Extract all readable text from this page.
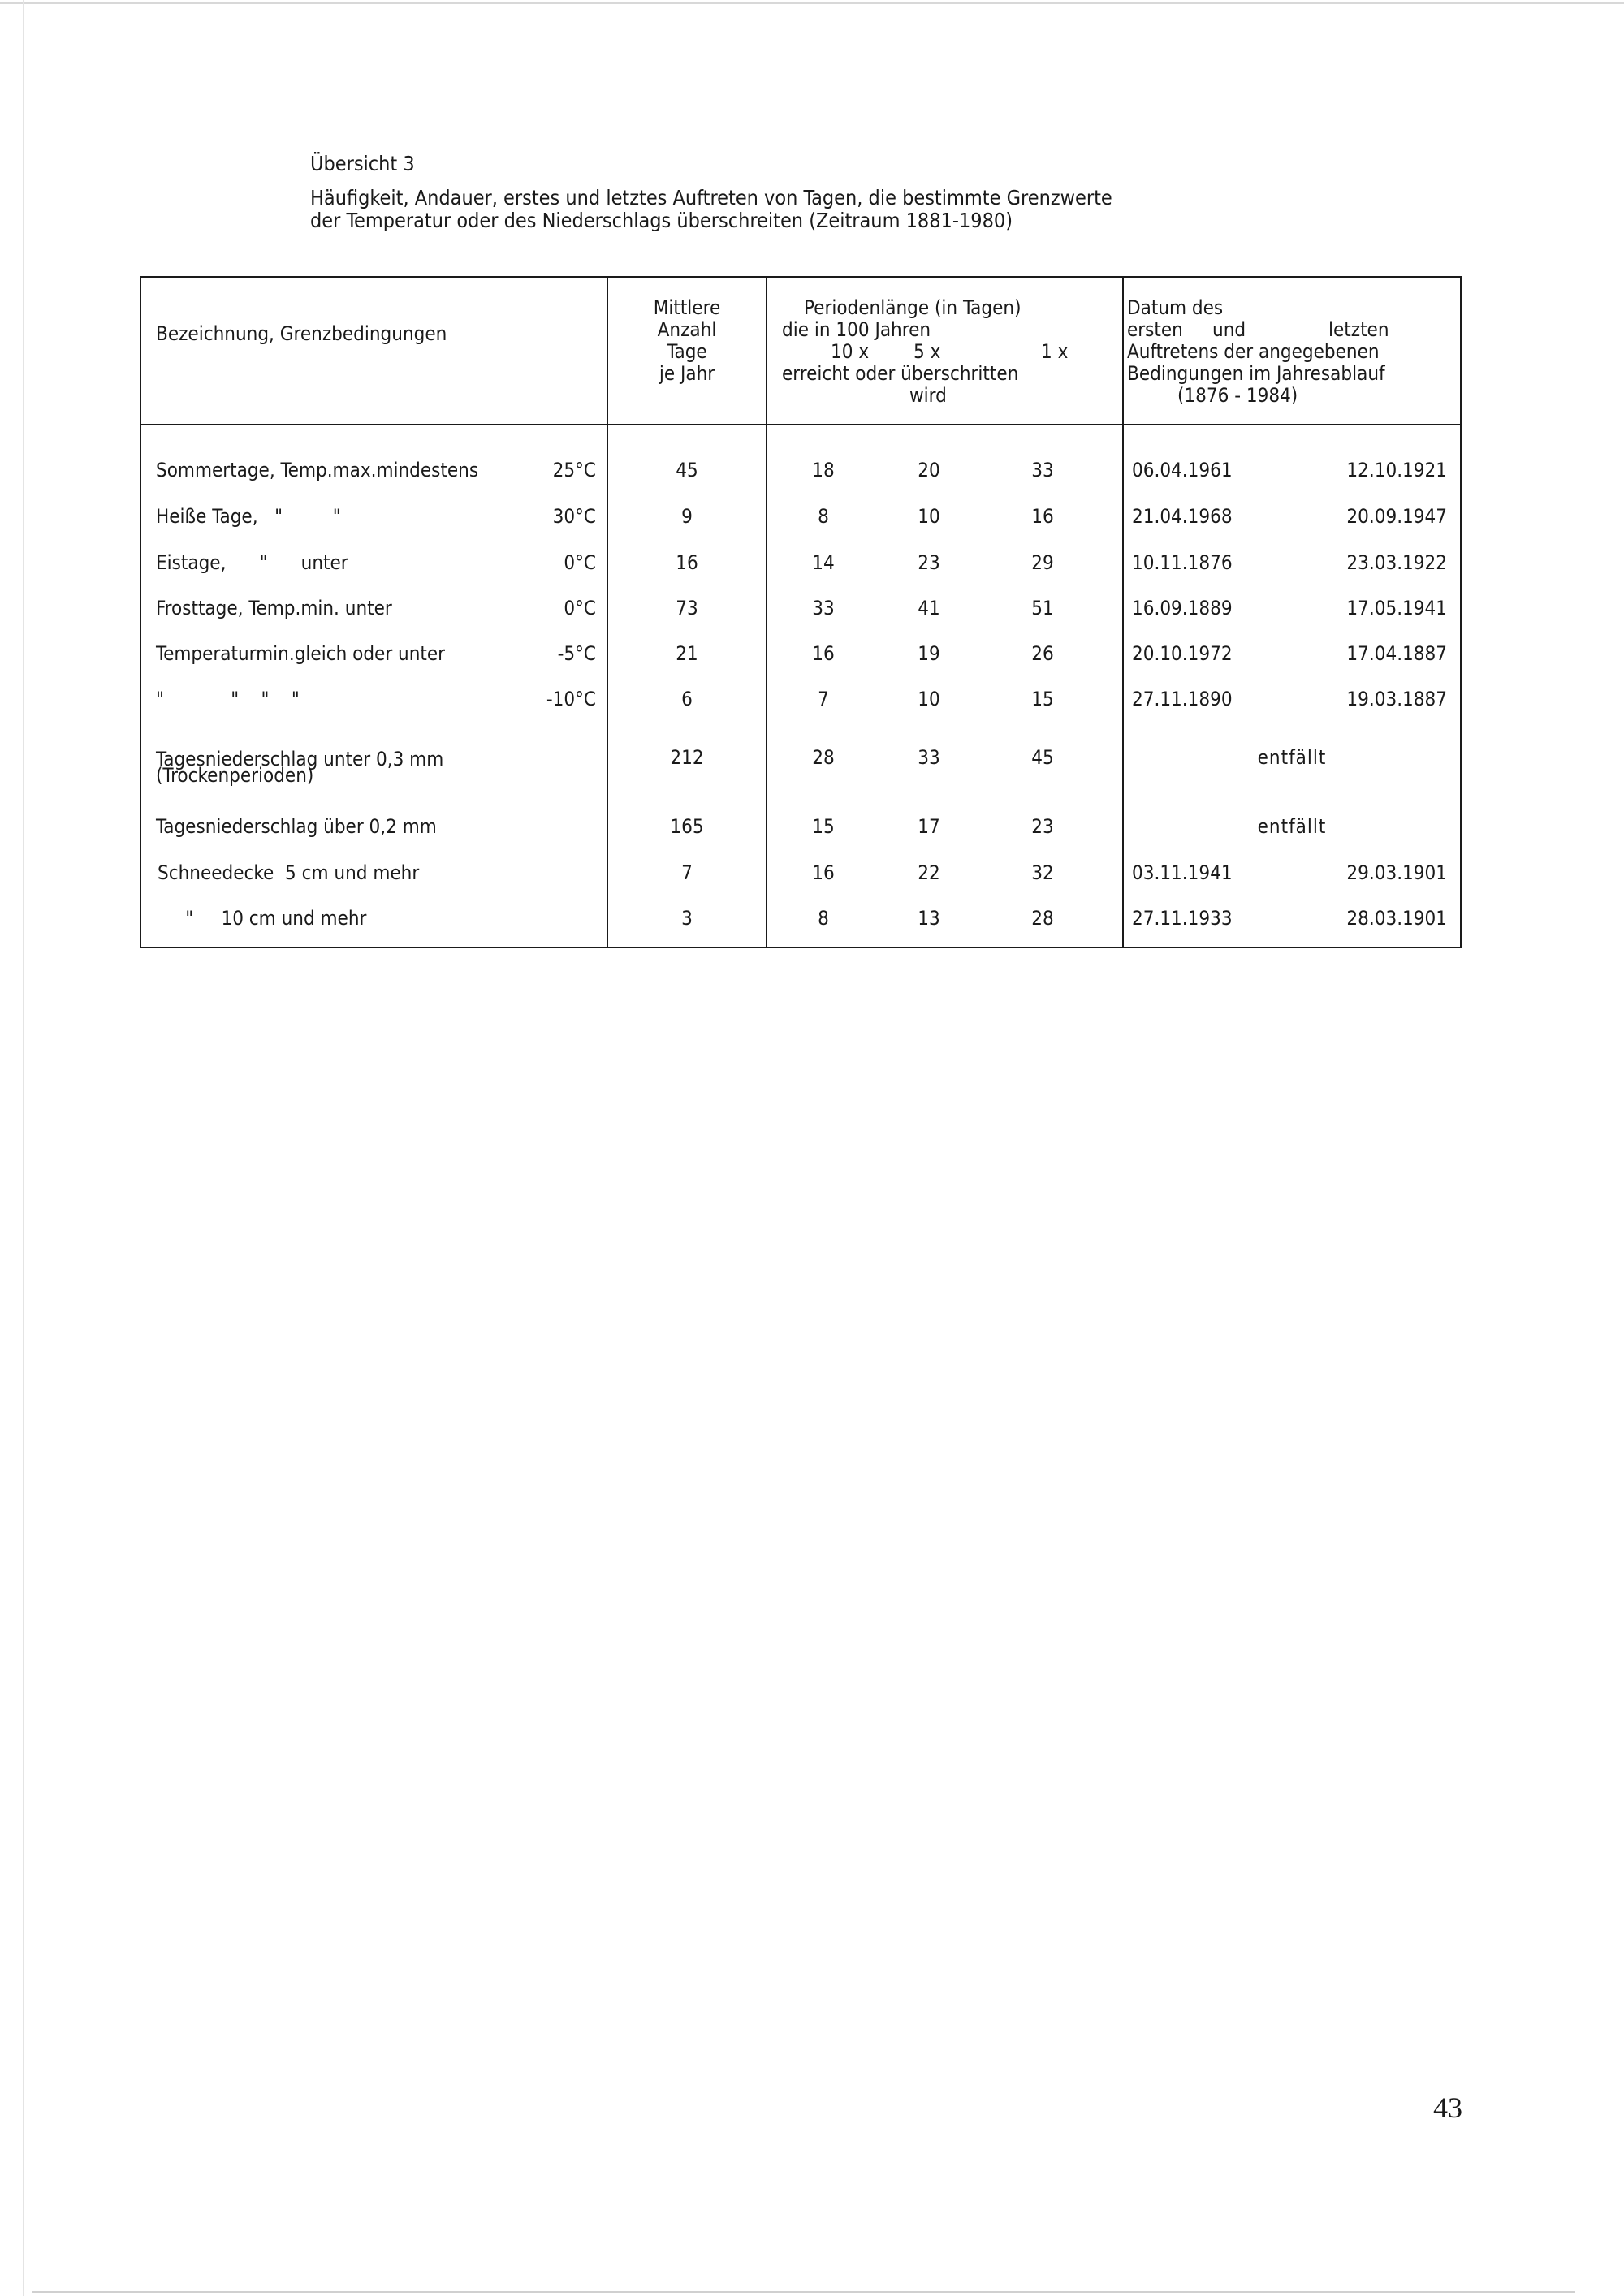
Übersicht 3
Häufigkeit, Andauer, erstes und letztes Auftreten von Tagen, die bestimmte Grenzwerte
der Temperatur oder des Niederschlags überschreiten (Zeitraum 1881-1980)
Bezeichnung, Grenzbedingungen
Mittlere
Anzahl
Tage
je Jahr
Periodenlänge (in Tagen)
die in 100 Jahren
10 x 5 x	1 x
erreicht oder überschritten
wird
Datum des
ersten und	letzten
Auftretens der angegebenen
Bedingungen im Jahresablauf
(1876 - 1984)
Sommertage, Temp.max.mindestens	25°C	45	18	20	33	06.04.1961	12.10.1921
Heiße Tage,   "         "	30°C	9	8	10	16	21.04.1968	20.09.1947
Eistage,      "      unter	0°C	16	14	23	29	10.11.1876	23.03.1922
Frosttage, Temp.min. unter	0°C	73	33	41	51	16.09.1889	17.05.1941
Temperaturmin.gleich oder unter	-5°C	21	16	19	26	20.10.1972	17.04.1887
"            "    "    "	-10°C	6	7	10	15	27.11.1890	19.03.1887
Tagesniederschlag unter 0,3 mm
(Trockenperioden)
212	28	33	45	entfällt
Tagesniederschlag über 0,2 mm	165	15	17	23	entfällt
Schneedecke  5 cm und mehr	7	16	22	32	03.11.1941	29.03.1901
"     10 cm und mehr	3	8	13	28	27.11.1933	28.03.1901
43
